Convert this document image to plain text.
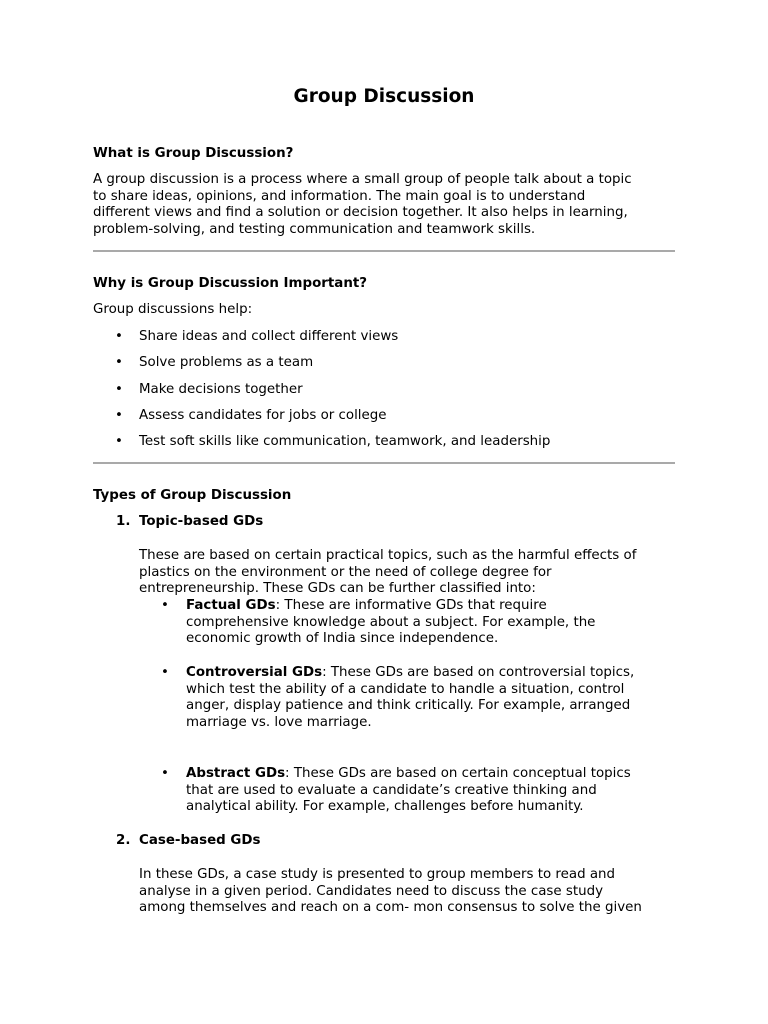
Group Discussion

What is Group Discussion?

A group discussion is a process where a small group of people talk about a topic
to share ideas, opinions, and information. The main goal is to understand
different views and find a solution or decision together. It also helps in learning,
problem-solving, and testing communication and teamwork skills.

Why is Group Discussion Important?

Group discussions help:

• Share ideas and collect different views
• Solve problems as a team
• Make decisions together
• Assess candidates for jobs or college
• Test soft skills like communication, teamwork, and leadership

Types of Group Discussion

1. Topic-based GDs
These are based on certain practical topics, such as the harmful effects of
plastics on the environment or the need of college degree for
entrepreneurship. These GDs can be further classified into:
• Factual GDs: These are informative GDs that require
comprehensive knowledge about a subject. For example, the
economic growth of India since independence.
• Controversial GDs: These GDs are based on controversial topics,
which test the ability of a candidate to handle a situation, control
anger, display patience and think critically. For example, arranged
marriage vs. love marriage.
• Abstract GDs: These GDs are based on certain conceptual topics
that are used to evaluate a candidate’s creative thinking and
analytical ability. For example, challenges before humanity.
2. Case-based GDs
In these GDs, a case study is presented to group members to read and
analyse in a given period. Candidates need to discuss the case study
among themselves and reach on a com- mon consensus to solve the given
